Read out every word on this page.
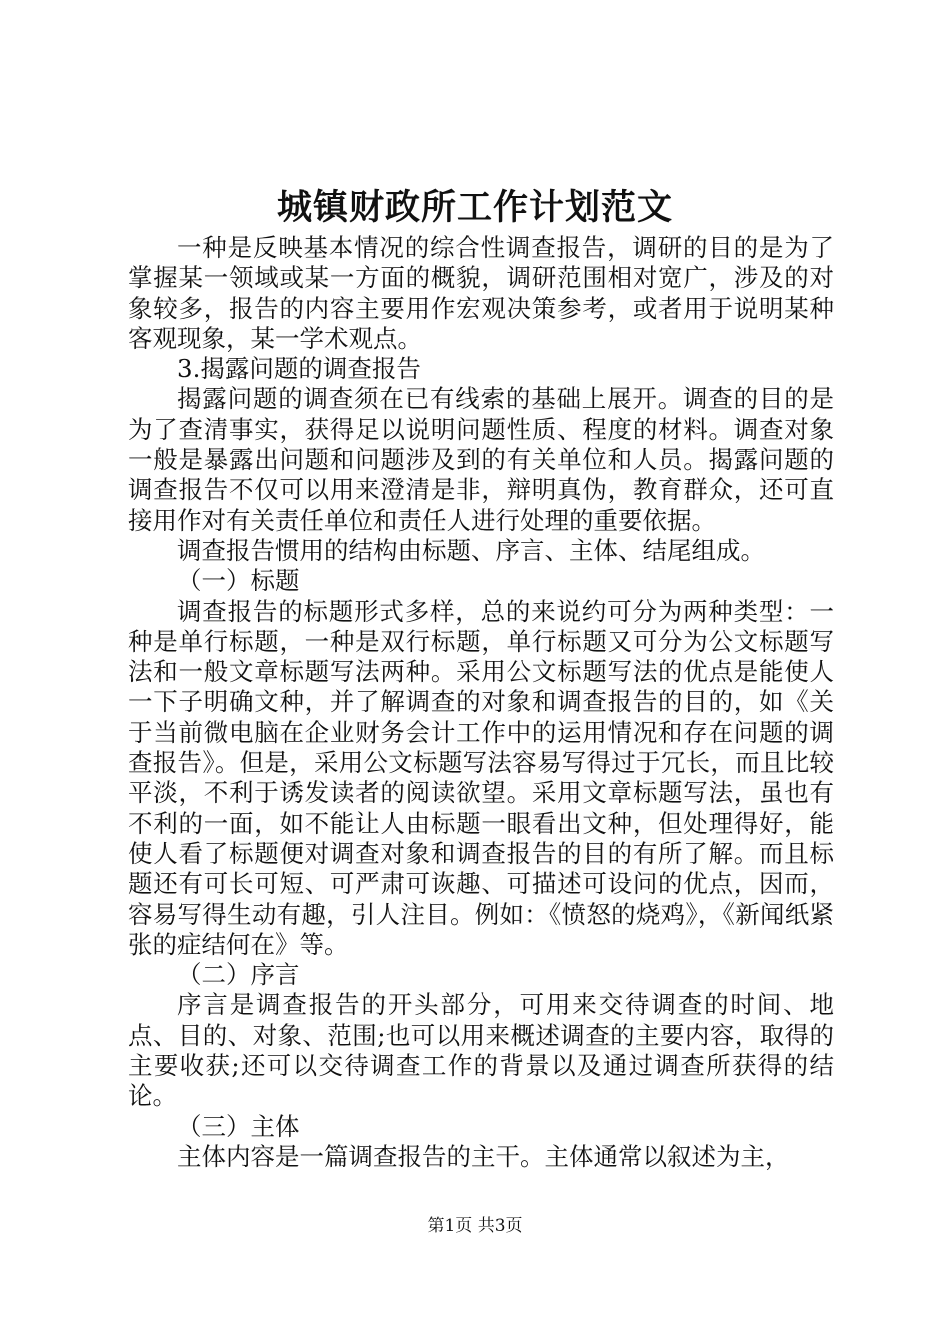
城镇财政所工作计划范文

一种是反映基本情况的综合性调查报告，调研的目的是为了掌握某一领域或某一方面的概貌，调研范围相对宽广，涉及的对象较多，报告的内容主要用作宏观决策参考，或者用于说明某种客观现象，某一学术观点。

3.揭露问题的调查报告

揭露问题的调查须在已有线索的基础上展开。调查的目的是为了查清事实，获得足以说明问题性质、程度的材料。调查对象一般是暴露出问题和问题涉及到的有关单位和人员。揭露问题的调查报告不仅可以用来澄清是非，辩明真伪，教育群众，还可直接用作对有关责任单位和责任人进行处理的重要依据。

调查报告惯用的结构由标题、序言、主体、结尾组成。

（一）标题

调查报告的标题形式多样，总的来说约可分为两种类型：一种是单行标题，一种是双行标题，单行标题又可分为公文标题写法和一般文章标题写法两种。采用公文标题写法的优点是能使人一下子明确文种，并了解调查的对象和调查报告的目的，如《关于当前微电脑在企业财务会计工作中的运用情况和存在问题的调查报告》。但是，采用公文标题写法容易写得过于冗长，而且比较平淡，不利于诱发读者的阅读欲望。采用文章标题写法，虽也有不利的一面，如不能让人由标题一眼看出文种，但处理得好，能使人看了标题便对调查对象和调查报告的目的有所了解。而且标题还有可长可短、可严肃可诙趣、可描述可设问的优点，因而，容易写得生动有趣，引人注目。例如：《愤怒的烧鸡》，《新闻纸紧张的症结何在》等。

（二）序言

序言是调查报告的开头部分，可用来交待调查的时间、地点、目的、对象、范围;也可以用来概述调查的主要内容，取得的主要收获;还可以交待调查工作的背景以及通过调查所获得的结论。

（三）主体

主体内容是一篇调查报告的主干。主体通常以叙述为主，

第1页 共3页
